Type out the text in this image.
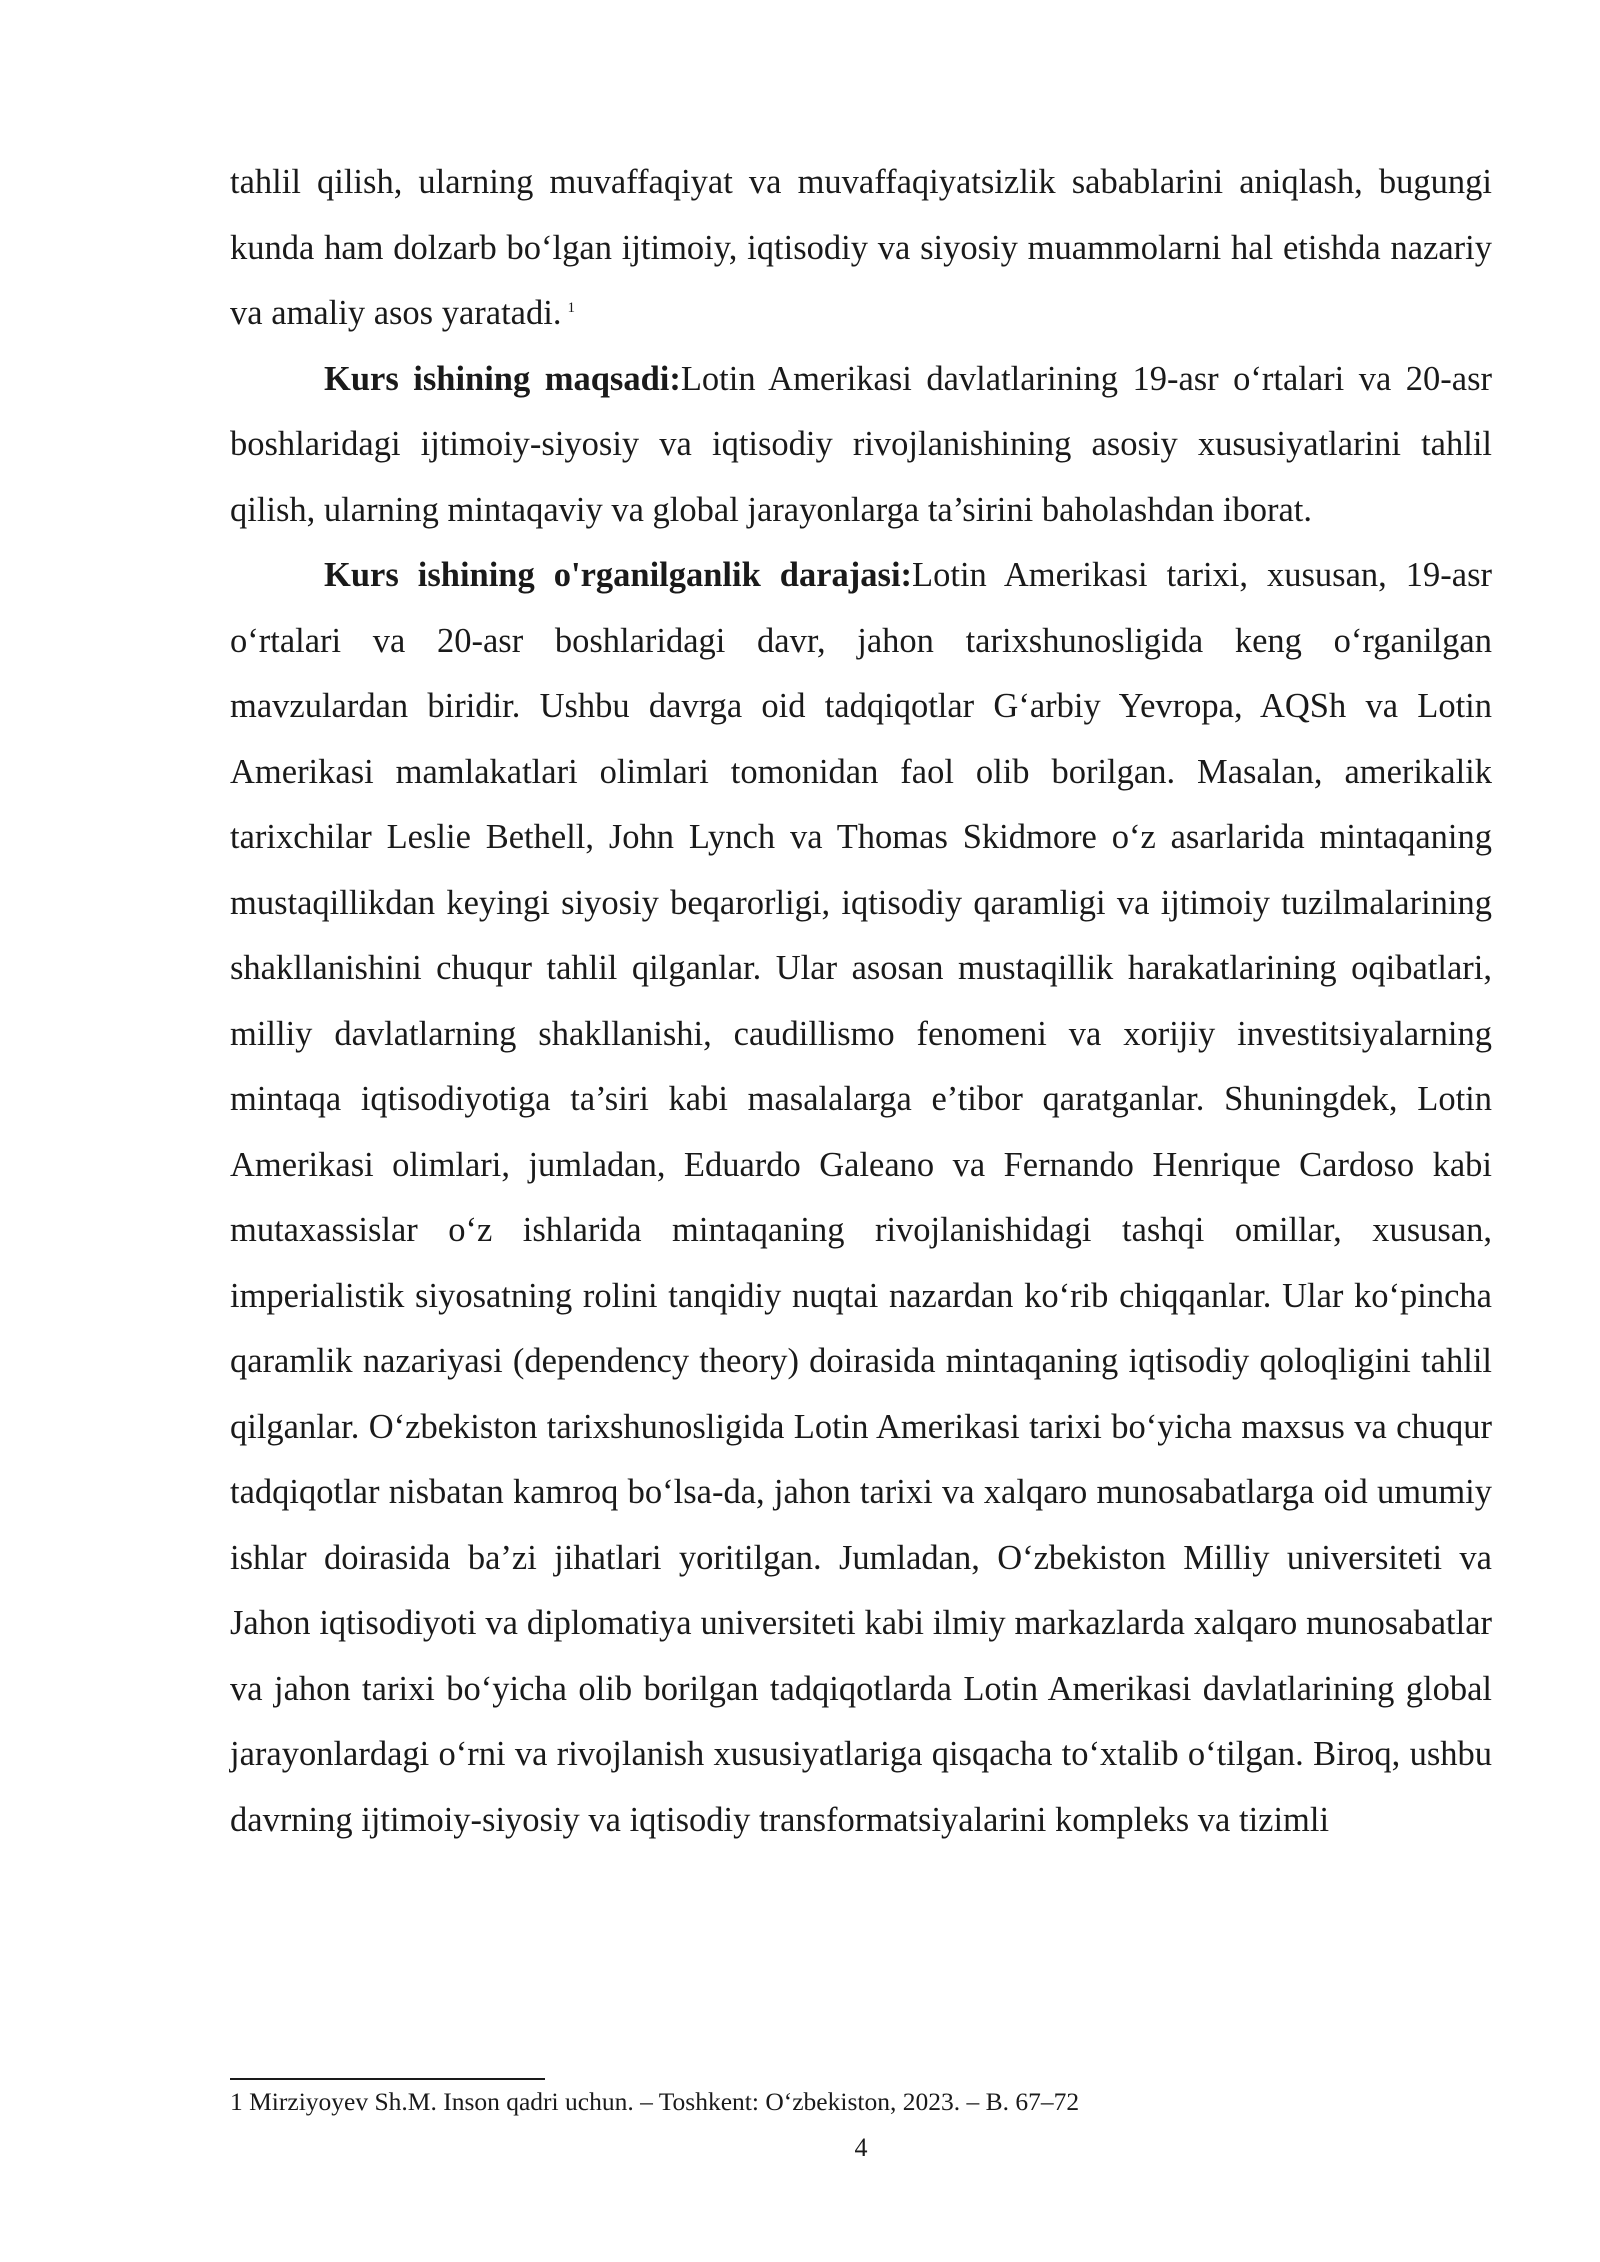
tahlil qilish, ularning muvaffaqiyat va muvaffaqiyatsizlik sabablarini aniqlash, bugungi kunda ham dolzarb bo‘lgan ijtimoiy, iqtisodiy va siyosiy muammolarni hal etishda nazariy va amaliy asos yaratadi. $^1$

Kurs ishining maqsadi:Lotin Amerikasi davlatlarining 19-asr o‘rtalari va 20-asr boshlaridagi ijtimoiy-siyosiy va iqtisodiy rivojlanishining asosiy xususiyatlarini tahlil qilish, ularning mintaqaviy va global jarayonlarga ta’sirini baholashdan iborat.

Kurs ishining o'rganilganlik darajasi:Lotin Amerikasi tarixi, xususan, 19-asr o‘rtalari va 20-asr boshlaridagi davr, jahon tarixshunosligida keng o‘rganilgan mavzulardan biridir. Ushbu davrga oid tadqiqotlar G‘arbiy Yevropa, AQSh va Lotin Amerikasi mamlakatlari olimlari tomonidan faol olib borilgan. Masalan, amerikalik tarixchilar Leslie Bethell, John Lynch va Thomas Skidmore o‘z asarlarida mintaqaning mustaqillikdan keyingi siyosiy beqarorligi, iqtisodiy qaramligi va ijtimoiy tuzilmalarining shakllanishini chuqur tahlil qilganlar. Ular asosan mustaqillik harakatlarining oqibatlari, milliy davlatlarning shakllanishi, caudillismo fenomeni va xorijiy investitsiyalarning mintaqa iqtisodiyotiga ta’siri kabi masalalarga e’tibor qaratganlar. Shuningdek, Lotin Amerikasi olimlari, jumladan, Eduardo Galeano va Fernando Henrique Cardoso kabi mutaxassislar o‘z ishlarida mintaqaning rivojlanishidagi tashqi omillar, xususan, imperialistik siyosatning rolini tanqidiy nuqtai nazardan ko‘rib chiqqanlar. Ular ko‘pincha qaramlik nazariyasi (dependency theory) doirasida mintaqaning iqtisodiy qoloqligini tahlil qilganlar. O‘zbekiston tarixshunosligida Lotin Amerikasi tarixi bo‘yicha maxsus va chuqur tadqiqotlar nisbatan kamroq bo‘lsa-da, jahon tarixi va xalqaro munosabatlarga oid umumiy ishlar doirasida ba’zi jihatlari yoritilgan. Jumladan, O‘zbekiston Milliy universiteti va Jahon iqtisodiyoti va diplomatiya universiteti kabi ilmiy markazlarda xalqaro munosabatlar va jahon tarixi bo‘yicha olib borilgan tadqiqotlarda Lotin Amerikasi davlatlarining global jarayonlardagi o‘rni va rivojlanish xususiyatlariga qisqacha to‘xtalib o‘tilgan. Biroq, ushbu davrning ijtimoiy-siyosiy va iqtisodiy transformatsiyalarini kompleks va tizimli

1 Mirziyoyev Sh.M. Inson qadri uchun. – Toshkent: O‘zbekiston, 2023. – B. 67–72
4
